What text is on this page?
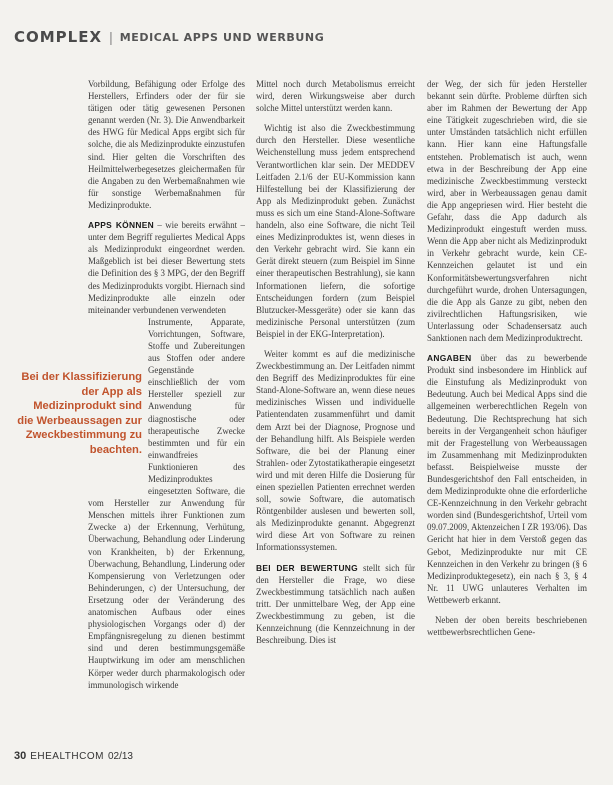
COMPLEX | MEDICAL APPS UND WERBUNG
Bei der Klassifizierung der App als Medizinprodukt sind die Werbeaussagen zur Zweckbestimmung zu beachten.

Vorbildung, Befähigung oder Erfolge des Herstellers, Erfinders oder der für sie tätigen oder tätig gewesenen Personen genannt werden (Nr. 3). Die Anwendbarkeit des HWG für Medical Apps ergibt sich für solche, die als Medizinprodukte einzustufen sind. Hier gelten die Vorschriften des Heilmittelwerbegesetzes gleichermaßen für die Angaben zu den Werbemaßnahmen wie für sonstige Werbemaßnahmen für Medizinprodukte.

APPS KÖNNEN – wie bereits erwähnt – unter dem Begriff reguliertes Medical Apps als Medizinprodukt eingeordnet werden. Maßgeblich ist bei dieser Bewertung stets die Definition des § 3 MPG, der den Begriff des Medizinprodukts vorgibt. Hiernach sind Medizinprodukte alle einzeln oder miteinander verbundenen verwendeten

Instrumente, Apparate, Vorrichtungen, Software, Stoffe und Zubereitungen aus Stoffen oder andere Gegenstände einschließlich der vom Hersteller speziell zur Anwendung für diagnostische oder therapeutische Zwecke bestimmten und für ein einwandfreies Funktionieren des Medizinproduktes eingesetzten Software, die vom Hersteller zur Anwendung für Menschen mittels ihrer Funktionen zum Zwecke a) der Erkennung, Verhütung, Überwachung, Behandlung oder Linderung von Krankheiten, b) der Erkennung, Überwachung, Behandlung, Linderung oder Kompensierung von Verletzungen oder Behinderungen, c) der Untersuchung, der Ersetzung oder der Veränderung des anatomischen Aufbaus oder eines physiologischen Vorgangs oder d) der Empfängnisregelung zu dienen bestimmt sind und deren bestimmungsgemäße Hauptwirkung im oder am menschlichen Körper weder durch pharmakologisch oder immunologisch wirkende

Mittel noch durch Metabolismus erreicht wird, deren Wirkungsweise aber durch solche Mittel unterstützt werden kann.

Wichtig ist also die Zweckbestimmung durch den Hersteller. Diese wesentliche Weichenstellung muss jedem entsprechend Verantwortlichen klar sein. Der MEDDEV Leitfaden 2.1/6 der EU-Kommission kann Hilfestellung bei der Klassifizierung der App als Medizinprodukt geben. Zunächst muss es sich um eine Stand-Alone-Software handeln, also eine Software, die nicht Teil eines Medizinproduktes ist, wenn dieses in den Verkehr gebracht wird. Sie kann ein Gerät direkt steuern (zum Beispiel im Sinne einer therapeutischen Bestrahlung), sie kann Informationen liefern, die sofortige Entscheidungen fordern (zum Beispiel Blutzucker-Messgeräte) oder sie kann das medizinische Personal unterstützen (zum Beispiel in der EKG-Interpretation).

Weiter kommt es auf die medizinische Zweckbestimmung an. Der Leitfaden nimmt den Begriff des Medizinproduktes für eine Stand-Alone-Software an, wenn diese neues medizinisches Wissen und individuelle Patientendaten zusammenführt und damit dem Arzt bei der Diagnose, Prognose und der Behandlung hilft. Als Beispiele werden Software, die bei der Planung einer Strahlen- oder Zytostatikatherapie eingesetzt wird und mit deren Hilfe die Dosierung für einen speziellen Patienten errechnet werden soll, sowie Software, die automatisch Röntgenbilder auslesen und bewerten soll, als Medizinprodukte genannt. Abgegrenzt wird diese Art von Software zu reinen Informationssystemen.

BEI DER BEWERTUNG stellt sich für den Hersteller die Frage, wo diese Zweckbestimmung tatsächlich nach außen tritt. Der unmittelbare Weg, der App eine Zweckbestimmung zu geben, ist die Kennzeichnung (die Kennzeichnung in der Beschreibung. Dies ist

der Weg, der sich für jeden Hersteller bekannt sein dürfte. Probleme dürften sich aber im Rahmen der Bewertung der App eine Tätigkeit zugeschrieben wird, die sie unter Umständen tatsächlich nicht erfüllen kann. Hier kann eine Haftungsfalle entstehen. Problematisch ist auch, wenn etwa in der Beschreibung der App eine medizinische Zweckbestimmung versteckt wird, aber in Werbeaussagen genau damit die App angepriesen wird. Hier besteht die Gefahr, dass die App dadurch als Medizinprodukt eingestuft werden muss. Wenn die App aber nicht als Medizinprodukt in Verkehr gebracht wurde, kein CE-Kennzeichen gelautet ist und ein Konformitätsbewertungsverfahren nicht durchgeführt wurde, drohen Untersagungen, die die App als Ganze zu gibt, neben den zivilrechtlichen Haftungsrisiken, wie Unterlassung oder Schadensersatz auch Sanktionen nach dem Medizinproduktrecht.

ANGABEN über das zu bewerbende Produkt sind insbesondere im Hinblick auf die Einstufung als Medizinprodukt von Bedeutung. Auch bei Medical Apps sind die allgemeinen werberechtlichen Regeln von Bedeutung. Die Rechtsprechung hat sich bereits in der Vergangenheit schon häufiger mit der Fragestellung von Werbeaussagen im Zusammenhang mit Medizinprodukten befasst. Beispielweise musste der Bundesgerichtshof den Fall entscheiden, in dem Medizinprodukte ohne die erforderliche CE-Kennzeichnung in den Verkehr gebracht worden sind (Bundesgerichtshof, Urteil vom 09.07.2009, Aktenzeichen I ZR 193/06). Das Gericht hat hier in dem Verstoß gegen das Gebot, Medizinprodukte nur mit CE Kennzeichen in den Verkehr zu bringen (§ 6 Medizinproduktegesetz), ein nach § 3, § 4 Nr. 11 UWG unlauteres Verhalten im Wettbewerb erkannt.

Neben der oben bereits beschriebenen wettbewerbsrechtlichen Gene-

30 EHEALTHCOM 02/13
